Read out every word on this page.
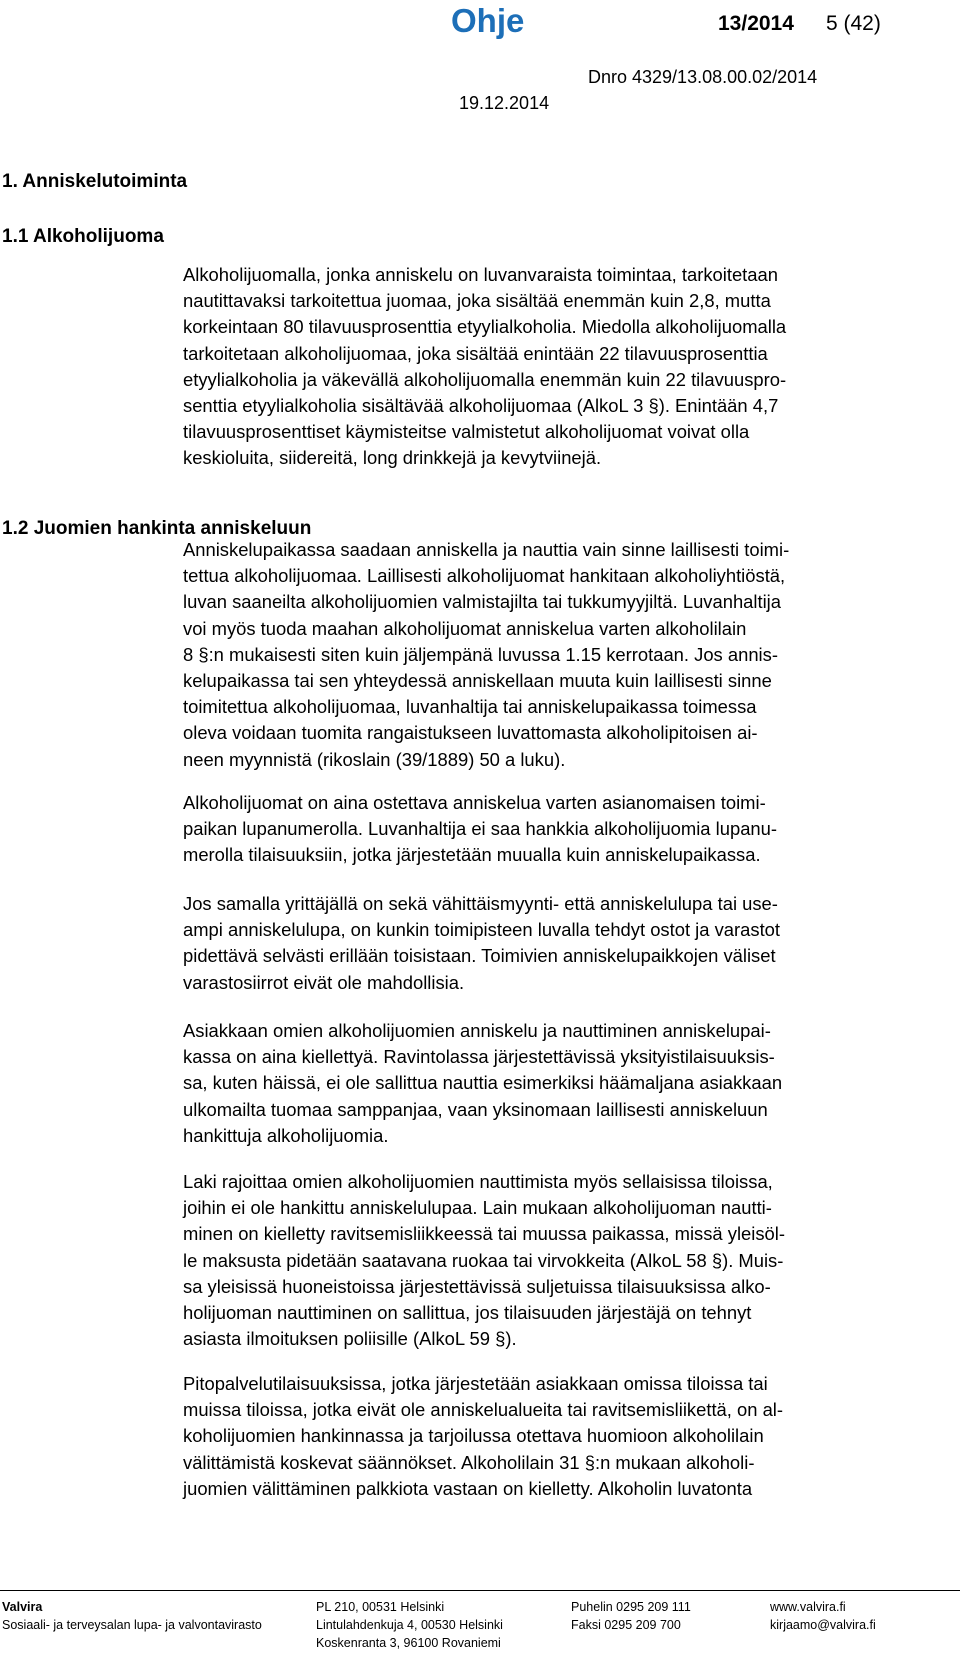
Ohje	13/2014 5 (42)
Dnro 4329/13.08.00.02/2014
19.12.2014
1. Anniskelutoiminta
1.1 Alkoholijuoma
1.2 Juomien hankinta anniskeluun

Alkoholijuomalla, jonka anniskelu on luvanvaraista toimintaa, tarkoitetaan
nautittavaksi tarkoitettua juomaa, joka sisältää enemmän kuin 2,8, mutta
korkeintaan 80 tilavuusprosenttia etyylialkoholia. Miedolla alkoholijuomalla
tarkoitetaan alkoholijuomaa, joka sisältää enintään 22 tilavuusprosenttia
etyylialkoholia ja väkevällä alkoholijuomalla enemmän kuin 22 tilavuuspro-
senttia etyylialkoholia sisältävää alkoholijuomaa (AlkoL 3 §). Enintään 4,7
tilavuusprosenttiset käymisteitse valmistetut alkoholijuomat voivat olla
keskioluita, siidereitä, long drinkkejä ja kevytviinejä.

Anniskelupaikassa saadaan anniskella ja nauttia vain sinne laillisesti toimi-
tettua alkoholijuomaa. Laillisesti alkoholijuomat hankitaan alkoholiyhtiöstä,
luvan saaneilta alkoholijuomien valmistajilta tai tukkumyyjiltä. Luvanhaltija
voi myös tuoda maahan alkoholijuomat anniskelua varten alkoholilain
8 §:n mukaisesti siten kuin jäljempänä luvussa 1.15 kerrotaan. Jos annis-
kelupaikassa tai sen yhteydessä anniskellaan muuta kuin laillisesti sinne
toimitettua alkoholijuomaa, luvanhaltija tai anniskelupaikassa toimessa
oleva voidaan tuomita rangaistukseen luvattomasta alkoholipitoisen ai-
neen myynnistä (rikoslain (39/1889) 50 a luku).

Alkoholijuomat on aina ostettava anniskelua varten asianomaisen toimi-
paikan lupanumerolla. Luvanhaltija ei saa hankkia alkoholijuomia lupanu-
merolla tilaisuuksiin, jotka järjestetään muualla kuin anniskelupaikassa.

Jos samalla yrittäjällä on sekä vähittäismyynti- että anniskelulupa tai use-
ampi anniskelulupa, on kunkin toimipisteen luvalla tehdyt ostot ja varastot
pidettävä selvästi erillään toisistaan. Toimivien anniskelupaikkojen väliset
varastosiirrot eivät ole mahdollisia.

Asiakkaan omien alkoholijuomien anniskelu ja nauttiminen anniskelupai-
kassa on aina kiellettyä. Ravintolassa järjestettävissä yksityistilaisuuksis-
sa, kuten häissä, ei ole sallittua nauttia esimerkiksi häämaljana asiakkaan
ulkomailta tuomaa samppanjaa, vaan yksinomaan laillisesti anniskeluun
hankittuja alkoholijuomia.

Laki rajoittaa omien alkoholijuomien nauttimista myös sellaisissa tiloissa,
joihin ei ole hankittu anniskelulupaa. Lain mukaan alkoholijuoman nautti-
minen on kielletty ravitsemisliikkeessä tai muussa paikassa, missä yleisöl-
le maksusta pidetään saatavana ruokaa tai virvokkeita (AlkoL 58 §). Muis-
sa yleisissä huoneistoissa järjestettävissä suljetuissa tilaisuuksissa alko-
holijuoman nauttiminen on sallittua, jos tilaisuuden järjestäjä on tehnyt
asiasta ilmoituksen poliisille (AlkoL 59 §).

Pitopalvelutilaisuuksissa, jotka järjestetään asiakkaan omissa tiloissa tai
muissa tiloissa, jotka eivät ole anniskelualueita tai ravitsemisliikettä, on al-
koholijuomien hankinnassa ja tarjoilussa otettava huomioon alkoholilain
välittämistä koskevat säännökset. Alkoholilain 31 §:n mukaan alkoholi-
juomien välittäminen palkkiota vastaan on kielletty. Alkoholin luvatonta

Valvira
Sosiaali- ja terveysalan lupa- ja valvontavirasto
PL 210, 00531 Helsinki
Lintulahdenkuja 4, 00530 Helsinki
Koskenranta 3, 96100 Rovaniemi
Puhelin 0295 209 111
Faksi 0295 209 700
www.valvira.fi
kirjaamo@valvira.fi
